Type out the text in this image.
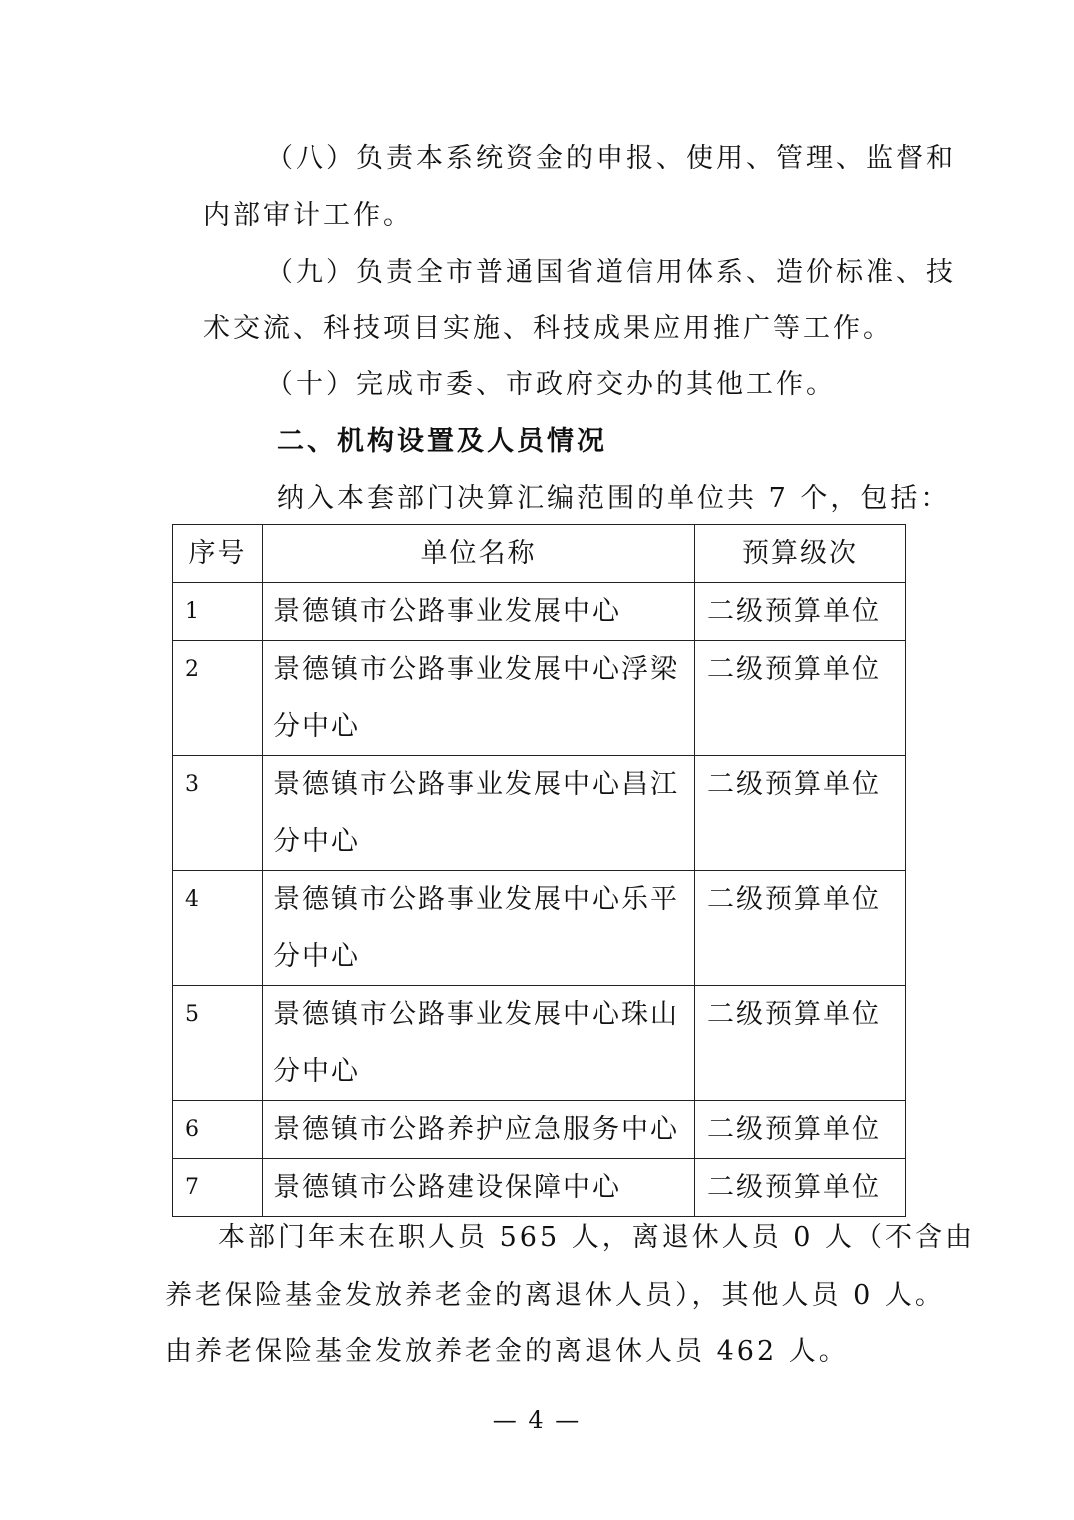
（八）负责本系统资金的申报、使用、管理、监督和
内部审计工作。
（九）负责全市普通国省道信用体系、造价标准、技
术交流、科技项目实施、科技成果应用推广等工作。
（十）完成市委、市政府交办的其他工作。
二、机构设置及人员情况
纳入本套部门决算汇编范围的单位共 7 个，包括：
序号	单位名称	预算级次
1	景德镇市公路事业发展中心	二级预算单位
2	景德镇市公路事业发展中心浮梁分中心	二级预算单位
3	景德镇市公路事业发展中心昌江分中心	二级预算单位
4	景德镇市公路事业发展中心乐平分中心	二级预算单位
5	景德镇市公路事业发展中心珠山分中心	二级预算单位
6	景德镇市公路养护应急服务中心	二级预算单位
7	景德镇市公路建设保障中心	二级预算单位
本部门年末在职人员 565 人，离退休人员 0 人（不含由
养老保险基金发放养老金的离退休人员），其他人员 0 人。
由养老保险基金发放养老金的离退休人员 462 人。
— 4 —
